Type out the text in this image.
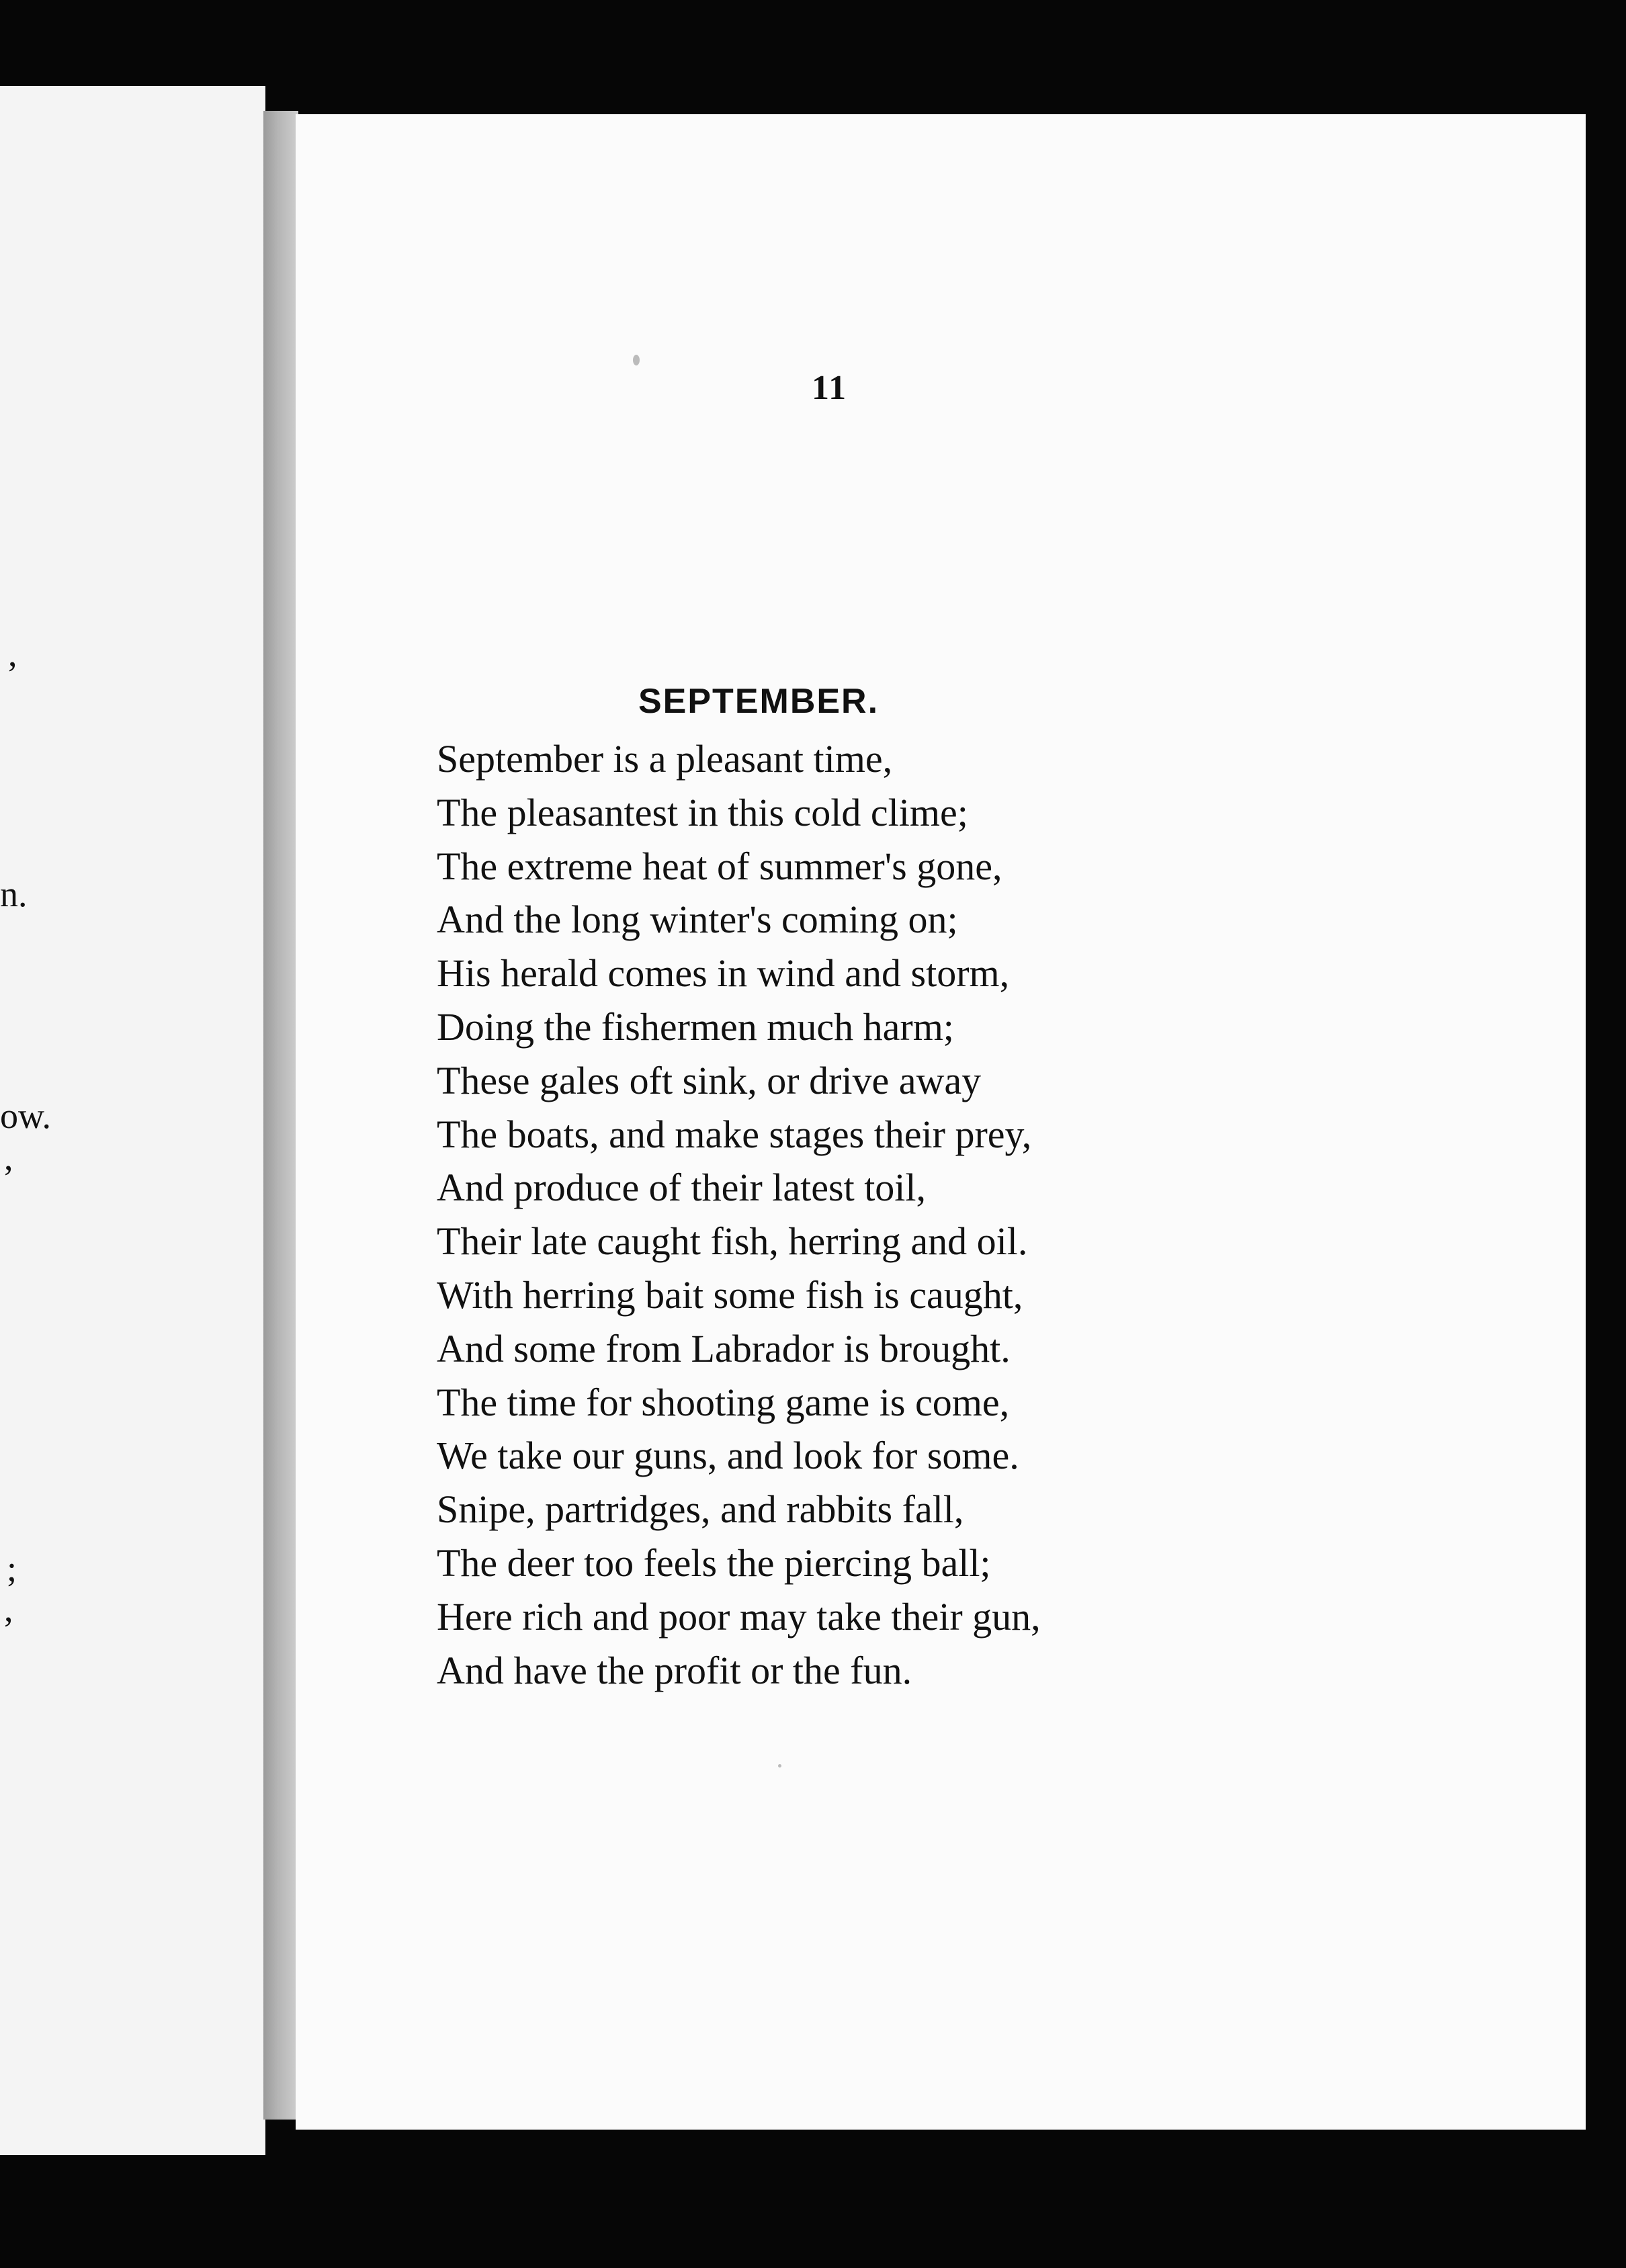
,
n.
ow.
,
;
,
11
SEPTEMBER.
September is a pleasant time,
The pleasantest in this cold clime;
The extreme heat of summer's gone,
And the long winter's coming on;
His herald comes in wind and storm,
Doing the fishermen much harm;
These gales oft sink, or drive away
The boats, and make stages their prey,
And produce of their latest toil,
Their late caught fish, herring and oil.
With herring bait some fish is caught,
And some from Labrador is brought.
The time for shooting game is come,
We take our guns, and look for some.
Snipe, partridges, and rabbits fall,
The deer too feels the piercing ball;
Here rich and poor may take their gun,
And have the profit or the fun.
